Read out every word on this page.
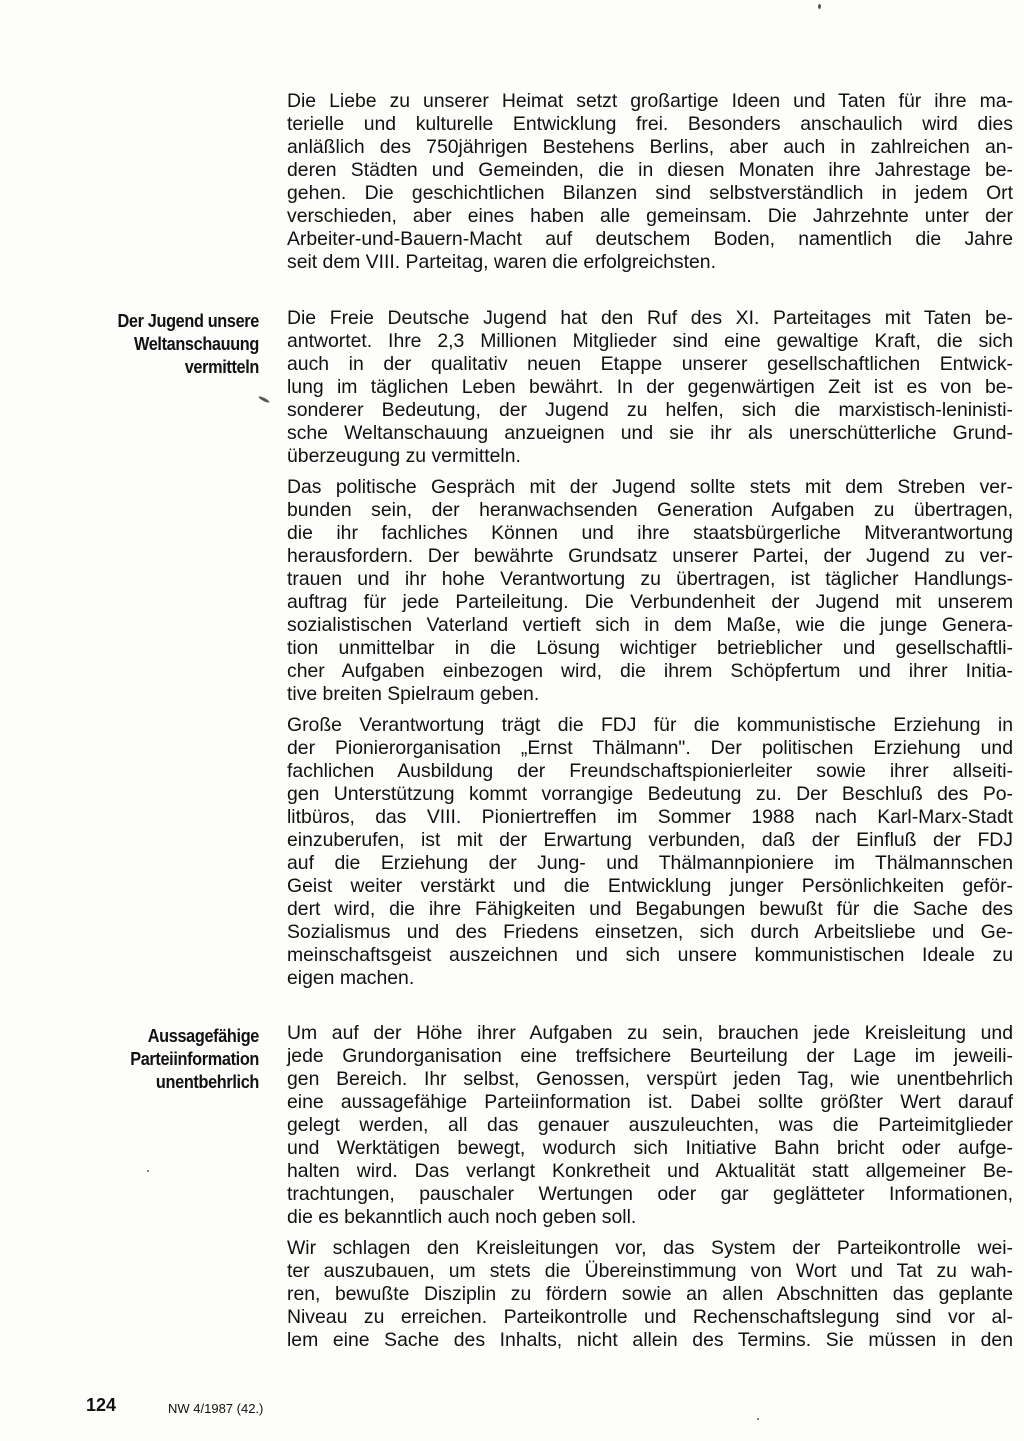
Die Liebe zu unserer Heimat setzt großartige Ideen und Taten für ihre ma-
terielle und kulturelle Entwicklung frei. Besonders anschaulich wird dies
anläßlich des 750jährigen Bestehens Berlins, aber auch in zahlreichen an-
deren Städten und Gemeinden, die in diesen Monaten ihre Jahrestage be-
gehen. Die geschichtlichen Bilanzen sind selbstverständlich in jedem Ort
verschieden, aber eines haben alle gemeinsam. Die Jahrzehnte unter der
Arbeiter-und-Bauern-Macht auf deutschem Boden, namentlich die Jahre
seit dem VIII. Parteitag, waren die erfolgreichsten.
Der Jugend unsere
Weltanschauung
vermitteln
Die Freie Deutsche Jugend hat den Ruf des XI. Parteitages mit Taten be-
antwortet. Ihre 2,3 Millionen Mitglieder sind eine gewaltige Kraft, die sich
auch in der qualitativ neuen Etappe unserer gesellschaftlichen Entwick-
lung im täglichen Leben bewährt. In der gegenwärtigen Zeit ist es von be-
sonderer Bedeutung, der Jugend zu helfen, sich die marxistisch-leninisti-
sche Weltanschauung anzueignen und sie ihr als unerschütterliche Grund-
überzeugung zu vermitteln.
Das politische Gespräch mit der Jugend sollte stets mit dem Streben ver-
bunden sein, der heranwachsenden Generation Aufgaben zu übertragen,
die ihr fachliches Können und ihre staatsbürgerliche Mitverantwortung
herausfordern. Der bewährte Grundsatz unserer Partei, der Jugend zu ver-
trauen und ihr hohe Verantwortung zu übertragen, ist täglicher Handlungs-
auftrag für jede Parteileitung. Die Verbundenheit der Jugend mit unserem
sozialistischen Vaterland vertieft sich in dem Maße, wie die junge Genera-
tion unmittelbar in die Lösung wichtiger betrieblicher und gesellschaftli-
cher Aufgaben einbezogen wird, die ihrem Schöpfertum und ihrer Initia-
tive breiten Spielraum geben.
Große Verantwortung trägt die FDJ für die kommunistische Erziehung in
der Pionierorganisation „Ernst Thälmann". Der politischen Erziehung und
fachlichen Ausbildung der Freundschaftspionierleiter sowie ihrer allseiti-
gen Unterstützung kommt vorrangige Bedeutung zu. Der Beschluß des Po-
litbüros, das VIII. Pioniertreffen im Sommer 1988 nach Karl-Marx-Stadt
einzuberufen, ist mit der Erwartung verbunden, daß der Einfluß der FDJ
auf die Erziehung der Jung- und Thälmannpioniere im Thälmannschen
Geist weiter verstärkt und die Entwicklung junger Persönlichkeiten geför-
dert wird, die ihre Fähigkeiten und Begabungen bewußt für die Sache des
Sozialismus und des Friedens einsetzen, sich durch Arbeitsliebe und Ge-
meinschaftsgeist auszeichnen und sich unsere kommunistischen Ideale zu
eigen machen.
Aussagefähige
Parteiinformation
unentbehrlich
Um auf der Höhe ihrer Aufgaben zu sein, brauchen jede Kreisleitung und
jede Grundorganisation eine treffsichere Beurteilung der Lage im jeweili-
gen Bereich. Ihr selbst, Genossen, verspürt jeden Tag, wie unentbehrlich
eine aussagefähige Parteiinformation ist. Dabei sollte größter Wert darauf
gelegt werden, all das genauer auszuleuchten, was die Parteimitglieder
und Werktätigen bewegt, wodurch sich Initiative Bahn bricht oder aufge-
halten wird. Das verlangt Konkretheit und Aktualität statt allgemeiner Be-
trachtungen, pauschaler Wertungen oder gar geglätteter Informationen,
die es bekanntlich auch noch geben soll.
Wir schlagen den Kreisleitungen vor, das System der Parteikontrolle wei-
ter auszubauen, um stets die Übereinstimmung von Wort und Tat zu wah-
ren, bewußte Disziplin zu fördern sowie an allen Abschnitten das geplante
Niveau zu erreichen. Parteikontrolle und Rechenschaftslegung sind vor al-
lem eine Sache des Inhalts, nicht allein des Termins. Sie müssen in den
124	NW 4/1987 (42.)
